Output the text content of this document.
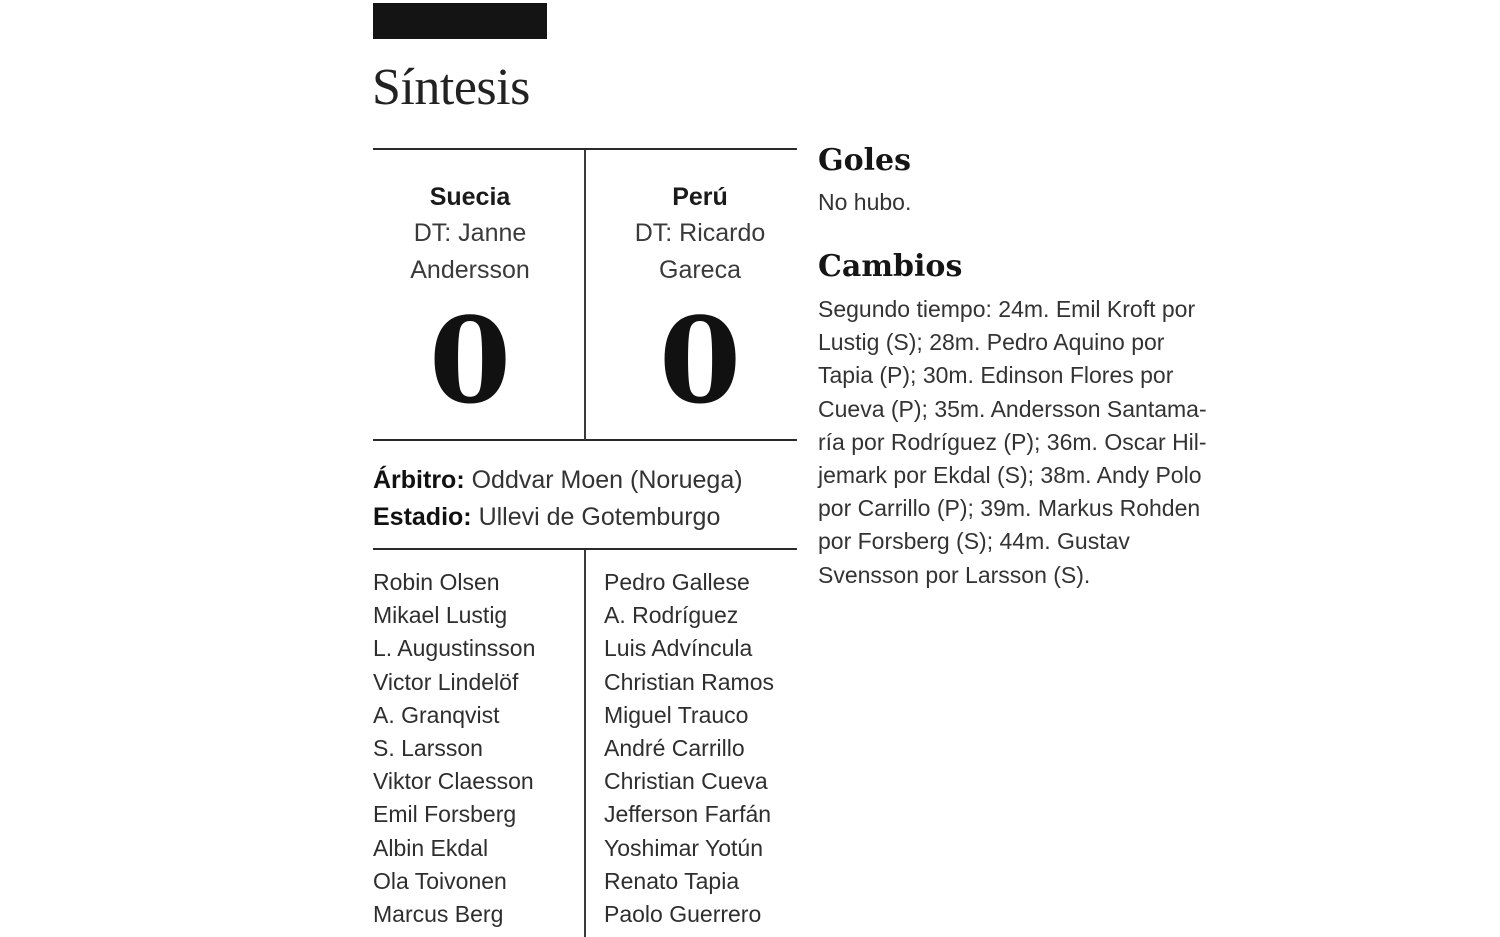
Síntesis
Suecia
DT: Janne
Andersson
0
Perú
DT: Ricardo
Gareca
0
Árbitro: Oddvar Moen (Noruega)
Estadio: Ullevi de Gotemburgo
Robin Olsen
Mikael Lustig
L. Augustinsson
Victor Lindelöf
A. Granqvist
S. Larsson
Viktor Claesson
Emil Forsberg
Albin Ekdal
Ola Toivonen
Marcus Berg
Pedro Gallese
A. Rodríguez
Luis Advíncula
Christian Ramos
Miguel Trauco
André Carrillo
Christian Cueva
Jefferson Farfán
Yoshimar Yotún
Renato Tapia
Paolo Guerrero
Goles
No hubo.
Cambios
Segundo tiempo: 24m. Emil Kroft por
Lustig (S); 28m. Pedro Aquino por
Tapia (P); 30m. Edinson Flores por
Cueva (P); 35m. Andersson Santama-
ría por Rodríguez (P); 36m. Oscar Hil-
jemark por Ekdal (S); 38m. Andy Polo
por Carrillo (P); 39m. Markus Rohden
por Forsberg (S); 44m. Gustav
Svensson por Larsson (S).
